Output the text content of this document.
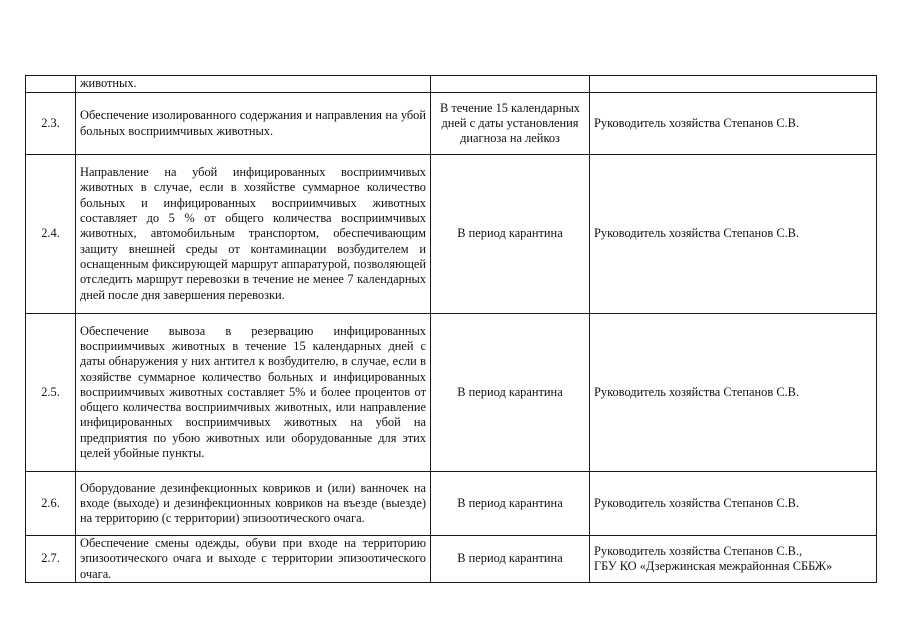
	животных.		
2.3.	Обеспечение изолированного содержания и направления на убой больных восприимчивых животных.	В течение 15 календарных дней с даты установления диагноза на лейкоз	Руководитель хозяйства Степанов С.В.
2.4.	Направление на убой инфицированных восприимчивых животных в случае, если в хозяйстве суммарное количество больных и инфицированных восприимчивых животных составляет до 5 % от общего количества восприимчивых животных, автомобильным транспортом, обеспечивающим защиту внешней среды от контаминации возбудителем и оснащенным фиксирующей маршрут аппаратурой, позволяющей отследить маршрут перевозки в течение не менее 7 календарных дней после дня завершения перевозки.	В период карантина	Руководитель хозяйства Степанов С.В.
2.5.	Обеспечение вывоза в резервацию инфицированных восприимчивых животных в течение 15 календарных дней с даты обнаружения у них антител к возбудителю, в случае, если в хозяйстве суммарное количество больных и инфицированных восприимчивых животных составляет 5% и более процентов от общего количества восприимчивых животных, или направление инфицированных восприимчивых животных на убой на предприятия по убою животных или оборудованные для этих целей убойные пункты.	В период карантина	Руководитель хозяйства Степанов С.В.
2.6.	Оборудование дезинфекционных ковриков и (или) ванночек на входе (выходе) и дезинфекционных ковриков на въезде (выезде) на территорию (с территории) эпизоотического очага.	В период карантина	Руководитель хозяйства Степанов С.В.
2.7.	Обеспечение смены одежды, обуви при входе на территорию эпизоотического очага и выходе с территории эпизоотического очага.	В период карантина	Руководитель хозяйства Степанов С.В.,
ГБУ КО «Дзержинская межрайонная СББЖ»
